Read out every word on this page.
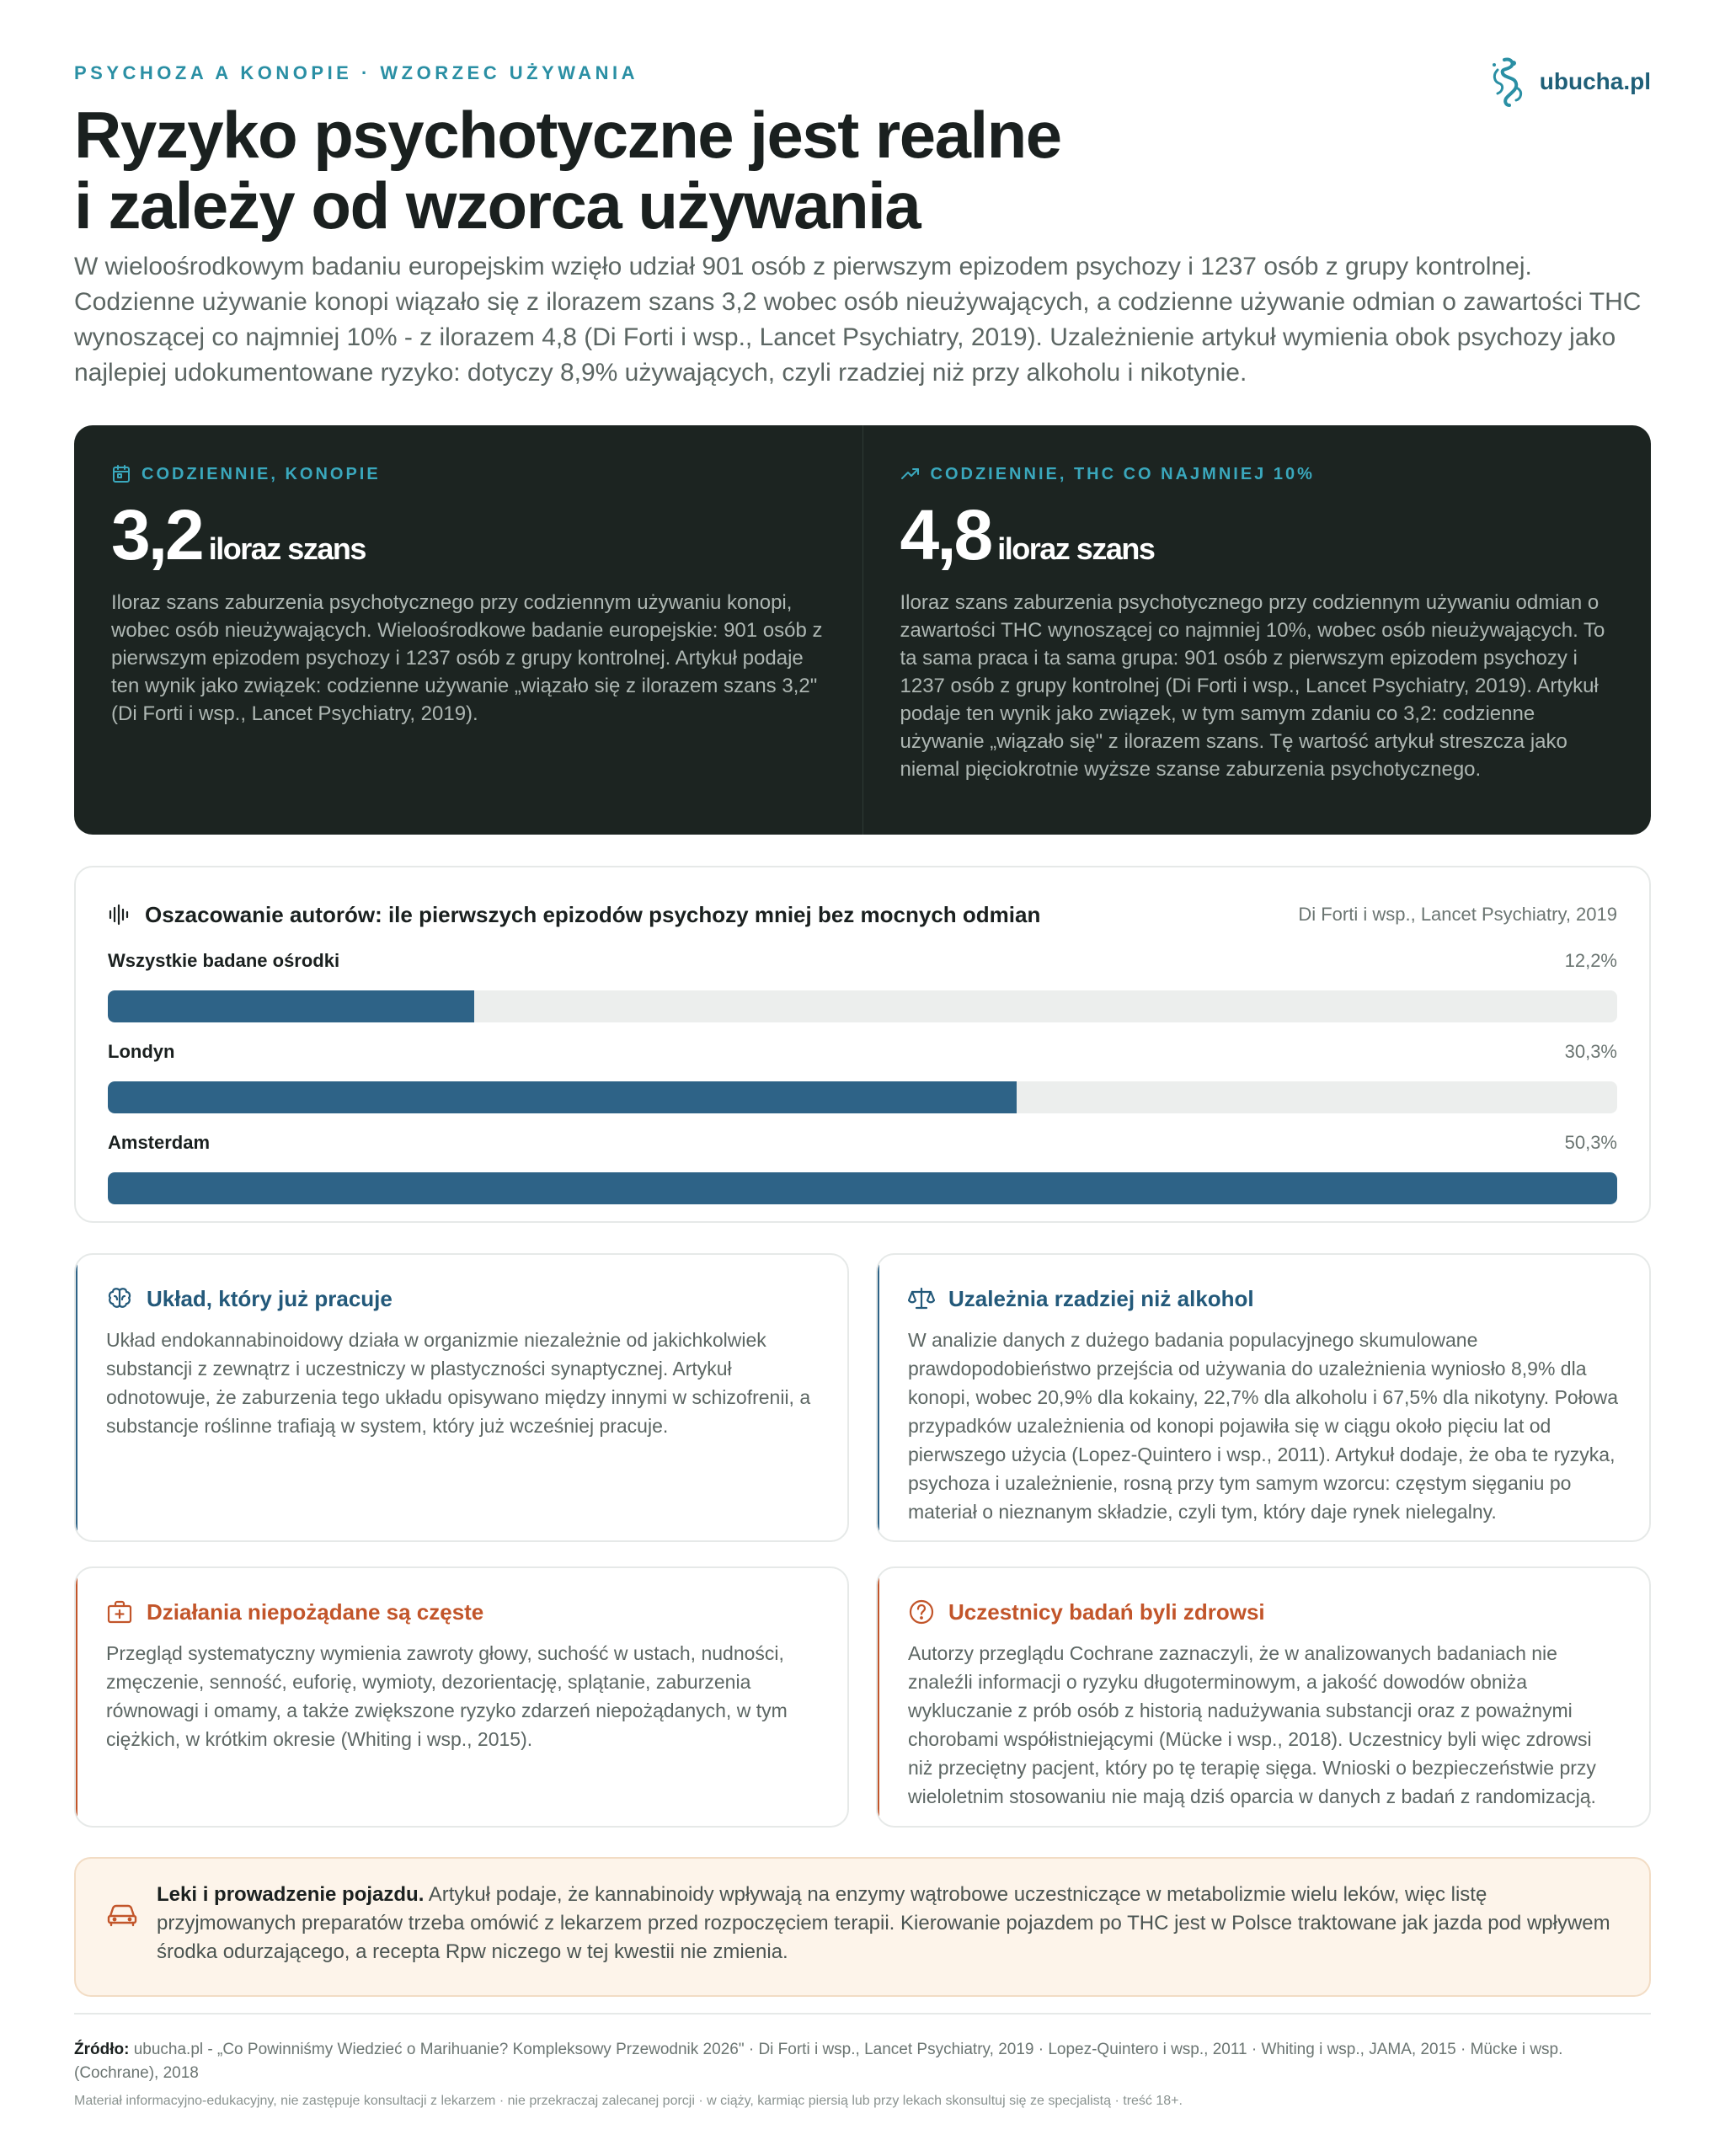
PSYCHOZA A KONOPIE · WZORZEC UŻYWANIA	ubucha.pl
Ryzyko psychotyczne jest realne
i zależy od wzorca używania

W wieloośrodkowym badaniu europejskim wzięło udział 901 osób z pierwszym epizodem psychozy i 1237 osób z grupy kontrolnej. Codzienne używanie konopi wiązało się z ilorazem szans 3,2 wobec osób nieużywających, a codzienne używanie odmian o zawartości THC wynoszącej co najmniej 10% - z ilorazem 4,8 (Di Forti i wsp., Lancet Psychiatry, 2019). Uzależnienie artykuł wymienia obok psychozy jako najlepiej udokumentowane ryzyko: dotyczy 8,9% używających, czyli rzadziej niż przy alkoholu i nikotynie.

CODZIENNIE, KONOPIE
3,2 iloraz szans

Iloraz szans zaburzenia psychotycznego przy codziennym używaniu konopi, wobec osób nieużywających. Wieloośrodkowe badanie europejskie: 901 osób z pierwszym epizodem psychozy i 1237 osób z grupy kontrolnej. Artykuł podaje ten wynik jako związek: codzienne używanie „wiązało się z ilorazem szans 3,2" (Di Forti i wsp., Lancet Psychiatry, 2019).

CODZIENNIE, THC CO NAJMNIEJ 10%
4,8 iloraz szans

Iloraz szans zaburzenia psychotycznego przy codziennym używaniu odmian o zawartości THC wynoszącej co najmniej 10%, wobec osób nieużywających. To ta sama praca i ta sama grupa: 901 osób z pierwszym epizodem psychozy i 1237 osób z grupy kontrolnej (Di Forti i wsp., Lancet Psychiatry, 2019). Artykuł podaje ten wynik jako związek, w tym samym zdaniu co 3,2: codzienne używanie „wiązało się" z ilorazem szans. Tę wartość artykuł streszcza jako niemal pięciokrotnie wyższe szanse zaburzenia psychotycznego.

Oszacowanie autorów: ile pierwszych epizodów psychozy mniej bez mocnych odmian	Di Forti i wsp., Lancet Psychiatry, 2019
Wszystkie badane ośrodki	12,2%
Londyn	30,3%
Amsterdam	50,3%
Układ, który już pracuje

Układ endokannabinoidowy działa w organizmie niezależnie od jakichkolwiek substancji z zewnątrz i uczestniczy w plastyczności synaptycznej. Artykuł odnotowuje, że zaburzenia tego układu opisywano między innymi w schizofrenii, a substancje roślinne trafiają w system, który już wcześniej pracuje.

Uzależnia rzadziej niż alkohol

W analizie danych z dużego badania populacyjnego skumulowane prawdopodobieństwo przejścia od używania do uzależnienia wyniosło 8,9% dla konopi, wobec 20,9% dla kokainy, 22,7% dla alkoholu i 67,5% dla nikotyny. Połowa przypadków uzależnienia od konopi pojawiła się w ciągu około pięciu lat od pierwszego użycia (Lopez-Quintero i wsp., 2011). Artykuł dodaje, że oba te ryzyka, psychoza i uzależnienie, rosną przy tym samym wzorcu: częstym sięganiu po materiał o nieznanym składzie, czyli tym, który daje rynek nielegalny.

Działania niepożądane są częste

Przegląd systematyczny wymienia zawroty głowy, suchość w ustach, nudności, zmęczenie, senność, euforię, wymioty, dezorientację, splątanie, zaburzenia równowagi i omamy, a także zwiększone ryzyko zdarzeń niepożądanych, w tym ciężkich, w krótkim okresie (Whiting i wsp., 2015).

Uczestnicy badań byli zdrowsi

Autorzy przeglądu Cochrane zaznaczyli, że w analizowanych badaniach nie znaleźli informacji o ryzyku długoterminowym, a jakość dowodów obniża wykluczanie z prób osób z historią nadużywania substancji oraz z poważnymi chorobami współistniejącymi (Mücke i wsp., 2018). Uczestnicy byli więc zdrowsi niż przeciętny pacjent, który po tę terapię sięga. Wnioski o bezpieczeństwie przy wieloletnim stosowaniu nie mają dziś oparcia w danych z badań z randomizacją.

Leki i prowadzenie pojazdu. Artykuł podaje, że kannabinoidy wpływają na enzymy wątrobowe uczestniczące w metabolizmie wielu leków, więc listę przyjmowanych preparatów trzeba omówić z lekarzem przed rozpoczęciem terapii. Kierowanie pojazdem po THC jest w Polsce traktowane jak jazda pod wpływem środka odurzającego, a recepta Rpw niczego w tej kwestii nie zmienia.

Źródło: ubucha.pl - „Co Powinniśmy Wiedzieć o Marihuanie? Kompleksowy Przewodnik 2026" · Di Forti i wsp., Lancet Psychiatry, 2019 · Lopez-Quintero i wsp., 2011 · Whiting i wsp., JAMA, 2015 · Mücke i wsp. (Cochrane), 2018

Materiał informacyjno-edukacyjny, nie zastępuje konsultacji z lekarzem · nie przekraczaj zalecanej porcji · w ciąży, karmiąc piersią lub przy lekach skonsultuj się ze specjalistą · treść 18+.
